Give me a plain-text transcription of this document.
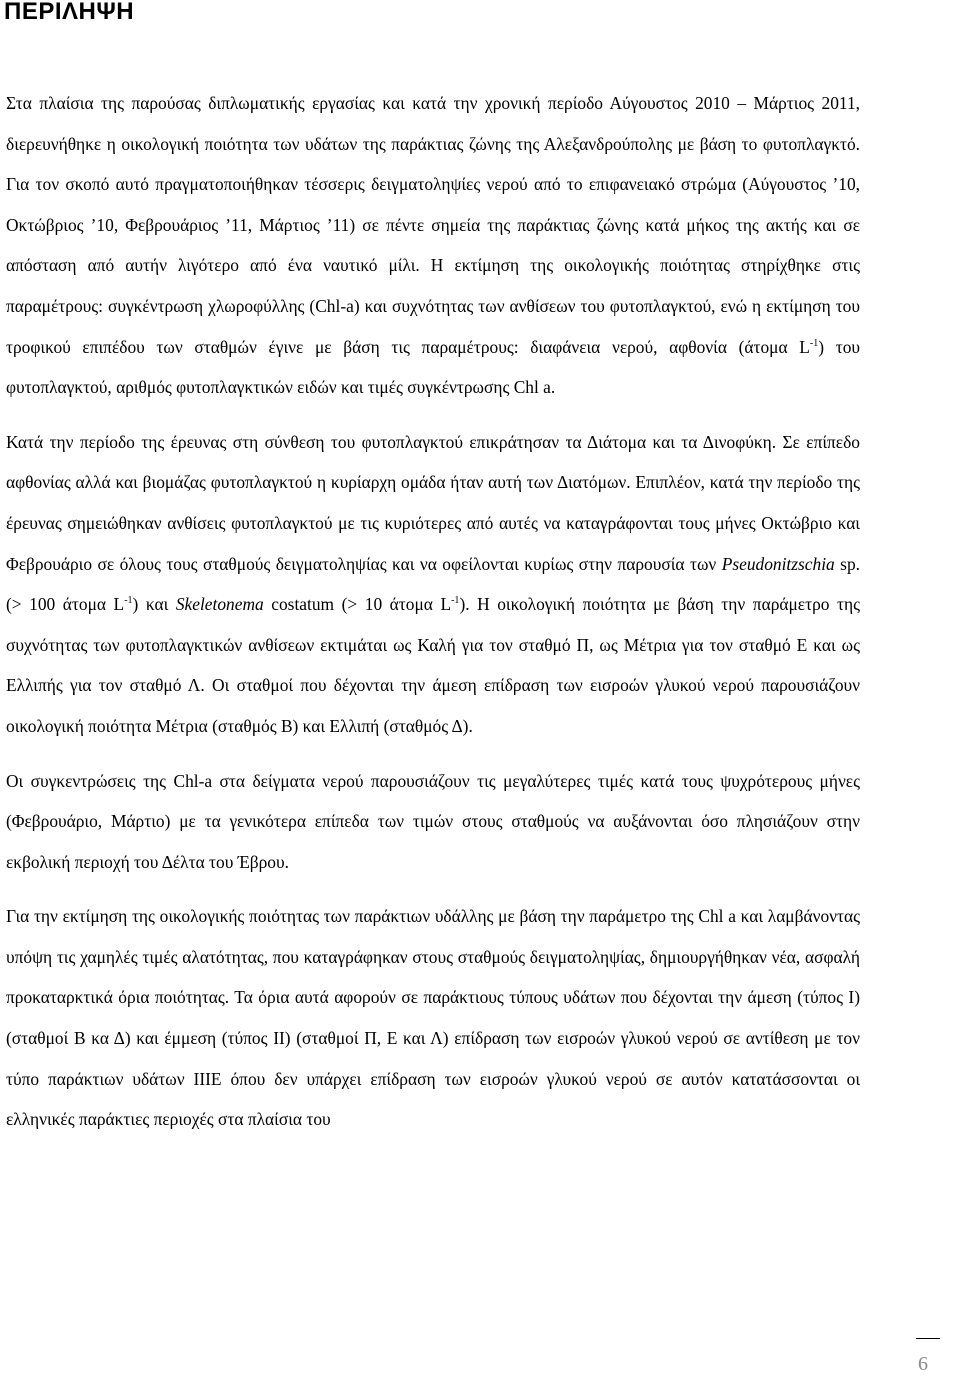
ΠΕΡΙΛΗΨΗ

Στα πλαίσια της παρούσας διπλωματικής εργασίας και κατά την χρονική περίοδο Αύγουστος 2010 – Μάρτιος 2011, διερευνήθηκε η οικολογική ποιότητα των υδάτων της παράκτιας ζώνης της Αλεξανδρούπολης με βάση το φυτοπλαγκτό. Για τον σκοπό αυτό πραγματοποιήθηκαν τέσσερις δειγματοληψίες νερού από το επιφανειακό στρώμα (Αύγουστος ’10, Οκτώβριος ’10, Φεβρουάριος ’11, Μάρτιος ’11) σε πέντε σημεία της παράκτιας ζώνης κατά μήκος της ακτής και σε απόσταση από αυτήν λιγότερο από ένα ναυτικό μίλι. Η εκτίμηση της οικολογικής ποιότητας στηρίχθηκε στις παραμέτρους: συγκέντρωση χλωροφύλλης (Chl-a) και συχνότητας των ανθίσεων του φυτοπλαγκτού, ενώ η εκτίμηση του τροφικού επιπέδου των σταθμών έγινε με βάση τις παραμέτρους: διαφάνεια νερού, αφθονία (άτομα $L^{-1}$) του φυτοπλαγκτού, αριθμός φυτοπλαγκτικών ειδών και τιμές συγκέντρωσης Chl a.

Κατά την περίοδο της έρευνας στη σύνθεση του φυτοπλαγκτού επικράτησαν τα Διάτομα και τα Δινοφύκη. Σε επίπεδο αφθονίας αλλά και βιομάζας φυτοπλαγκτού η κυρίαρχη ομάδα ήταν αυτή των Διατόμων. Επιπλέον, κατά την περίοδο της έρευνας σημειώθηκαν ανθίσεις φυτοπλαγκτού με τις κυριότερες από αυτές να καταγράφονται τους μήνες Οκτώβριο και Φεβρουάριο σε όλους τους σταθμούς δειγματοληψίας και να οφείλονται κυρίως στην παρουσία των Pseudonitzschia sp. (> 100 άτομα $L^{-1}$) και Skeletonema costatum (> 10 άτομα $L^{-1}$). Η οικολογική ποιότητα με βάση την παράμετρο της συχνότητας των φυτοπλαγκτικών ανθίσεων εκτιμάται ως Καλή για τον σταθμό Π, ως Μέτρια για τον σταθμό Ε και ως Ελλιπής για τον σταθμό Λ. Οι σταθμοί που δέχονται την άμεση επίδραση των εισροών γλυκού νερού παρουσιάζουν οικολογική ποιότητα Μέτρια (σταθμός Β) και Ελλιπή (σταθμός Δ).

Οι συγκεντρώσεις της Chl-a στα δείγματα νερού παρουσιάζουν τις μεγαλύτερες τιμές κατά τους ψυχρότερους μήνες (Φεβρουάριο, Μάρτιο) με τα γενικότερα επίπεδα των τιμών στους σταθμούς να αυξάνονται όσο πλησιάζουν στην εκβολική περιοχή του Δέλτα του Έβρου.

Για την εκτίμηση της οικολογικής ποιότητας των παράκτιων υδάλλης με βάση την παράμετρο της Chl a και λαμβάνοντας υπόψη τις χαμηλές τιμές αλατότητας, που καταγράφηκαν στους σταθμούς δειγματοληψίας, δημιουργήθηκαν νέα, ασφαλή προκαταρκτικά όρια ποιότητας. Τα όρια αυτά αφορούν σε παράκτιους τύπους υδάτων που δέχονται την άμεση (τύπος Ι) (σταθμοί Β κα Δ) και έμμεση (τύπος ΙΙ) (σταθμοί Π, Ε και Λ) επίδραση των εισροών γλυκού νερού σε αντίθεση με τον τύπο παράκτιων υδάτων ΙΙΙΕ όπου δεν υπάρχει επίδραση των εισροών γλυκού νερού σε αυτόν κατατάσσονται οι ελληνικές παράκτιες περιοχές στα πλαίσια του

6
